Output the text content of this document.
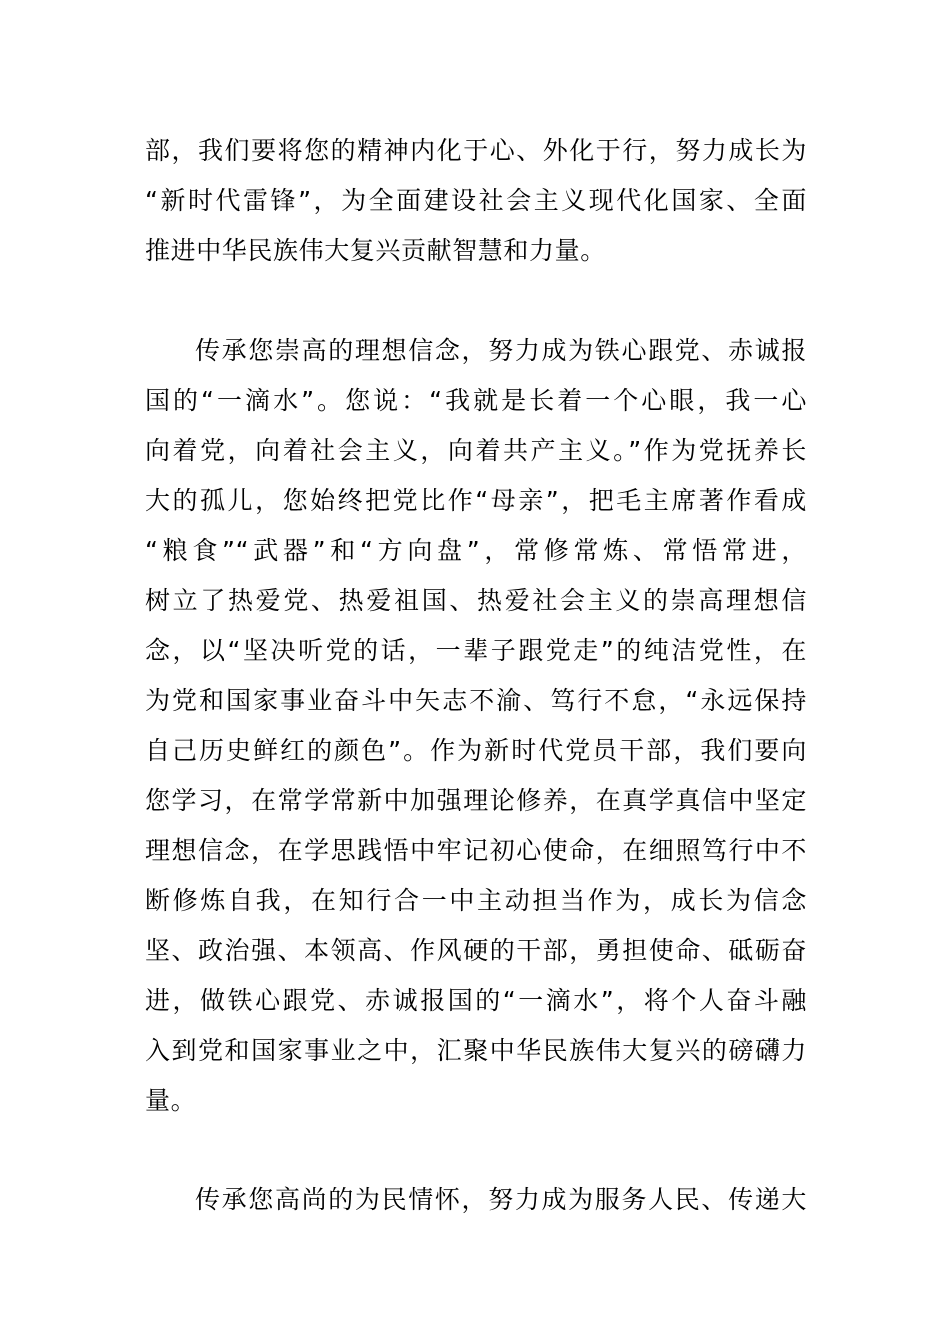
部，我们要将您的精神内化于心、外化于行，努力成长为
“新时代雷锋”，为全面建设社会主义现代化国家、全面
推进中华民族伟大复兴贡献智慧和力量。
传承您崇高的理想信念，努力成为铁心跟党、赤诚报
国的“一滴水”。您说：“我就是长着一个心眼，我一心
向着党，向着社会主义，向着共产主义。”作为党抚养长
大的孤儿，您始终把党比作“母亲”，把毛主席著作看成
“粮食”“武器”和“方向盘”，常修常炼、常悟常进，
树立了热爱党、热爱祖国、热爱社会主义的崇高理想信
念，以“坚决听党的话，一辈子跟党走”的纯洁党性，在
为党和国家事业奋斗中矢志不渝、笃行不怠，“永远保持
自己历史鲜红的颜色”。作为新时代党员干部，我们要向
您学习，在常学常新中加强理论修养，在真学真信中坚定
理想信念，在学思践悟中牢记初心使命，在细照笃行中不
断修炼自我，在知行合一中主动担当作为，成长为信念
坚、政治强、本领高、作风硬的干部，勇担使命、砥砺奋
进，做铁心跟党、赤诚报国的“一滴水”，将个人奋斗融
入到党和国家事业之中，汇聚中华民族伟大复兴的磅礴力
量。
传承您高尚的为民情怀，努力成为服务人民、传递大
